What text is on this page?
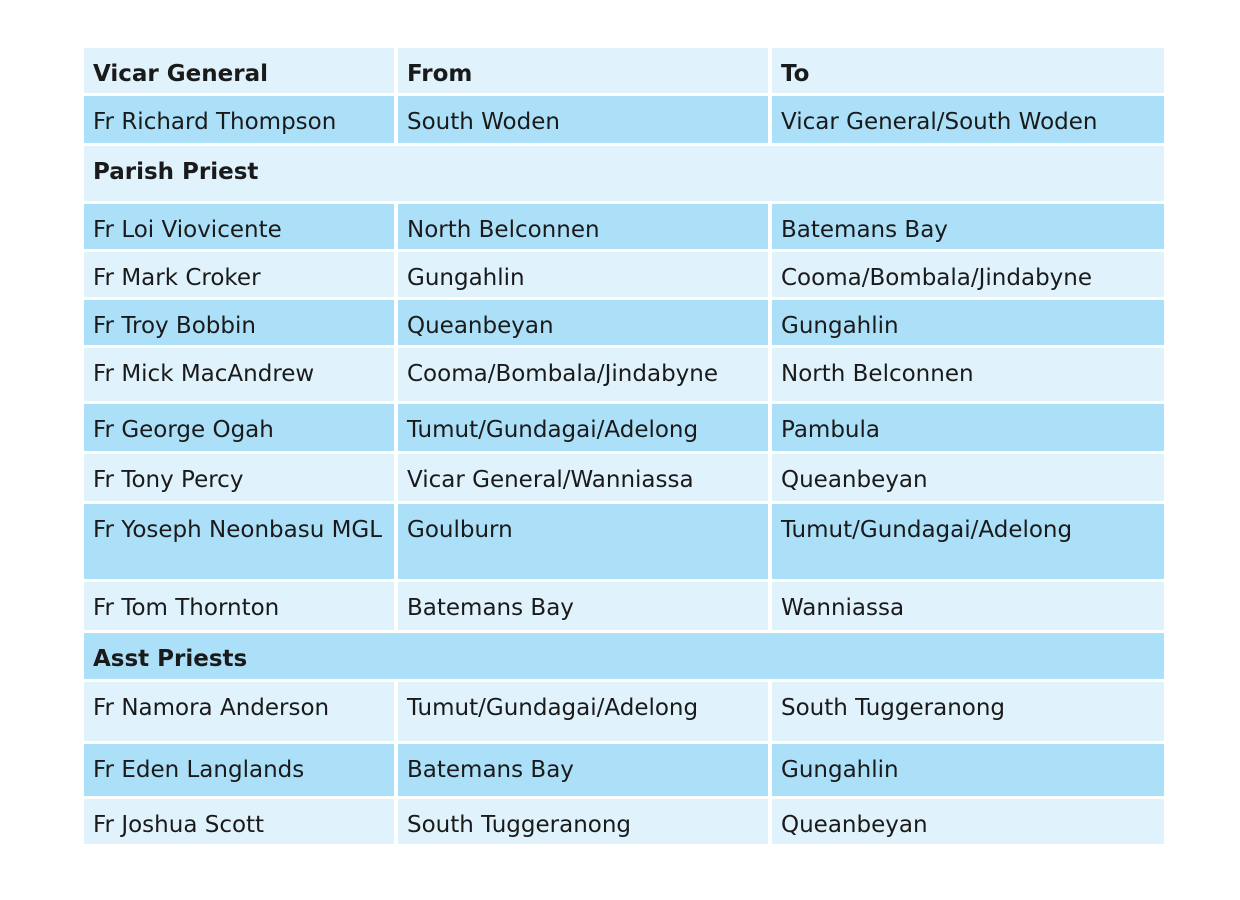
Vicar General	From	To
Fr Richard Thompson	South Woden	Vicar General/South Woden
Parish Priest		
Fr Loi Viovicente	North Belconnen	Batemans Bay
Fr Mark Croker	Gungahlin	Cooma/Bombala/Jindabyne
Fr Troy Bobbin	Queanbeyan	Gungahlin
Fr Mick MacAndrew	Cooma/Bombala/Jindabyne	North Belconnen
Fr George Ogah	Tumut/Gundagai/Adelong	Pambula
Fr Tony Percy	Vicar General/Wanniassa	Queanbeyan
Fr Yoseph Neonbasu MGL	Goulburn	Tumut/Gundagai/Adelong
Fr Tom Thornton	Batemans Bay	Wanniassa
Asst Priests		
Fr Namora Anderson	Tumut/Gundagai/Adelong	South Tuggeranong
Fr Eden Langlands	Batemans Bay	Gungahlin
Fr Joshua Scott	South Tuggeranong	Queanbeyan
